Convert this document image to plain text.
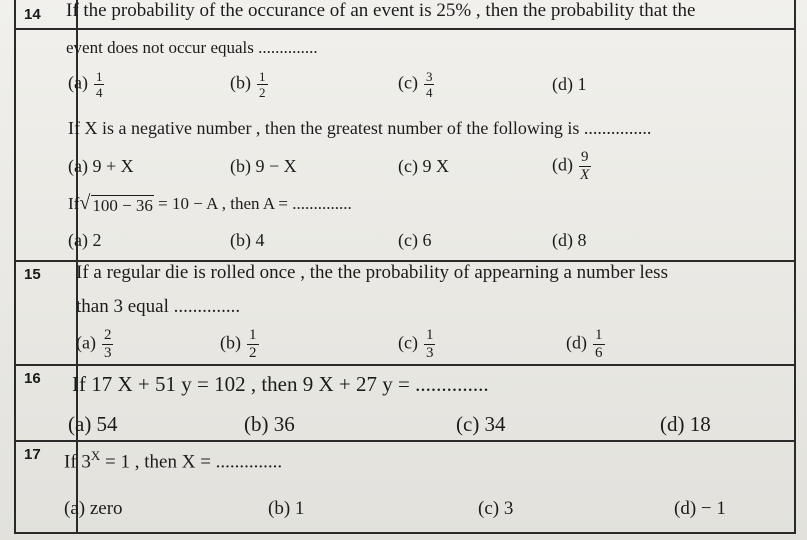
14
15
16
17
If the probability of the occurance of an event is 25% , then the probability that the
event does not occur equals ..............
$(a) \frac{1}{4}$	$(b) \frac{1}{2}$	$(c) \frac{3}{4}$	(d) 1
If X is a negative number , then the greatest number of the following is ...............
(a) 9 + X	(b) 9 − X	(c) 9 X	$(d) \frac{9}{X}$
If √ 100 − 36 = 10 − A , then A = ..............
(a) 2	(b) 4	(c) 6	(d) 8
If a regular die is rolled once , the the probability of appearning a number less
than 3 equal ..............
$(a) \frac{2}{3}$	$(b) \frac{1}{2}$	$(c) \frac{1}{3}$	$(d) \frac{1}{6}$
If 17 X + 51 y = 102 , then 9 X + 27 y = ..............
(a) 54	(b) 36	(c) 34	(d) 18
If $3^X = 1$ , then X = ..............
(a) zero	(b) 1	(c) 3	(d) − 1
